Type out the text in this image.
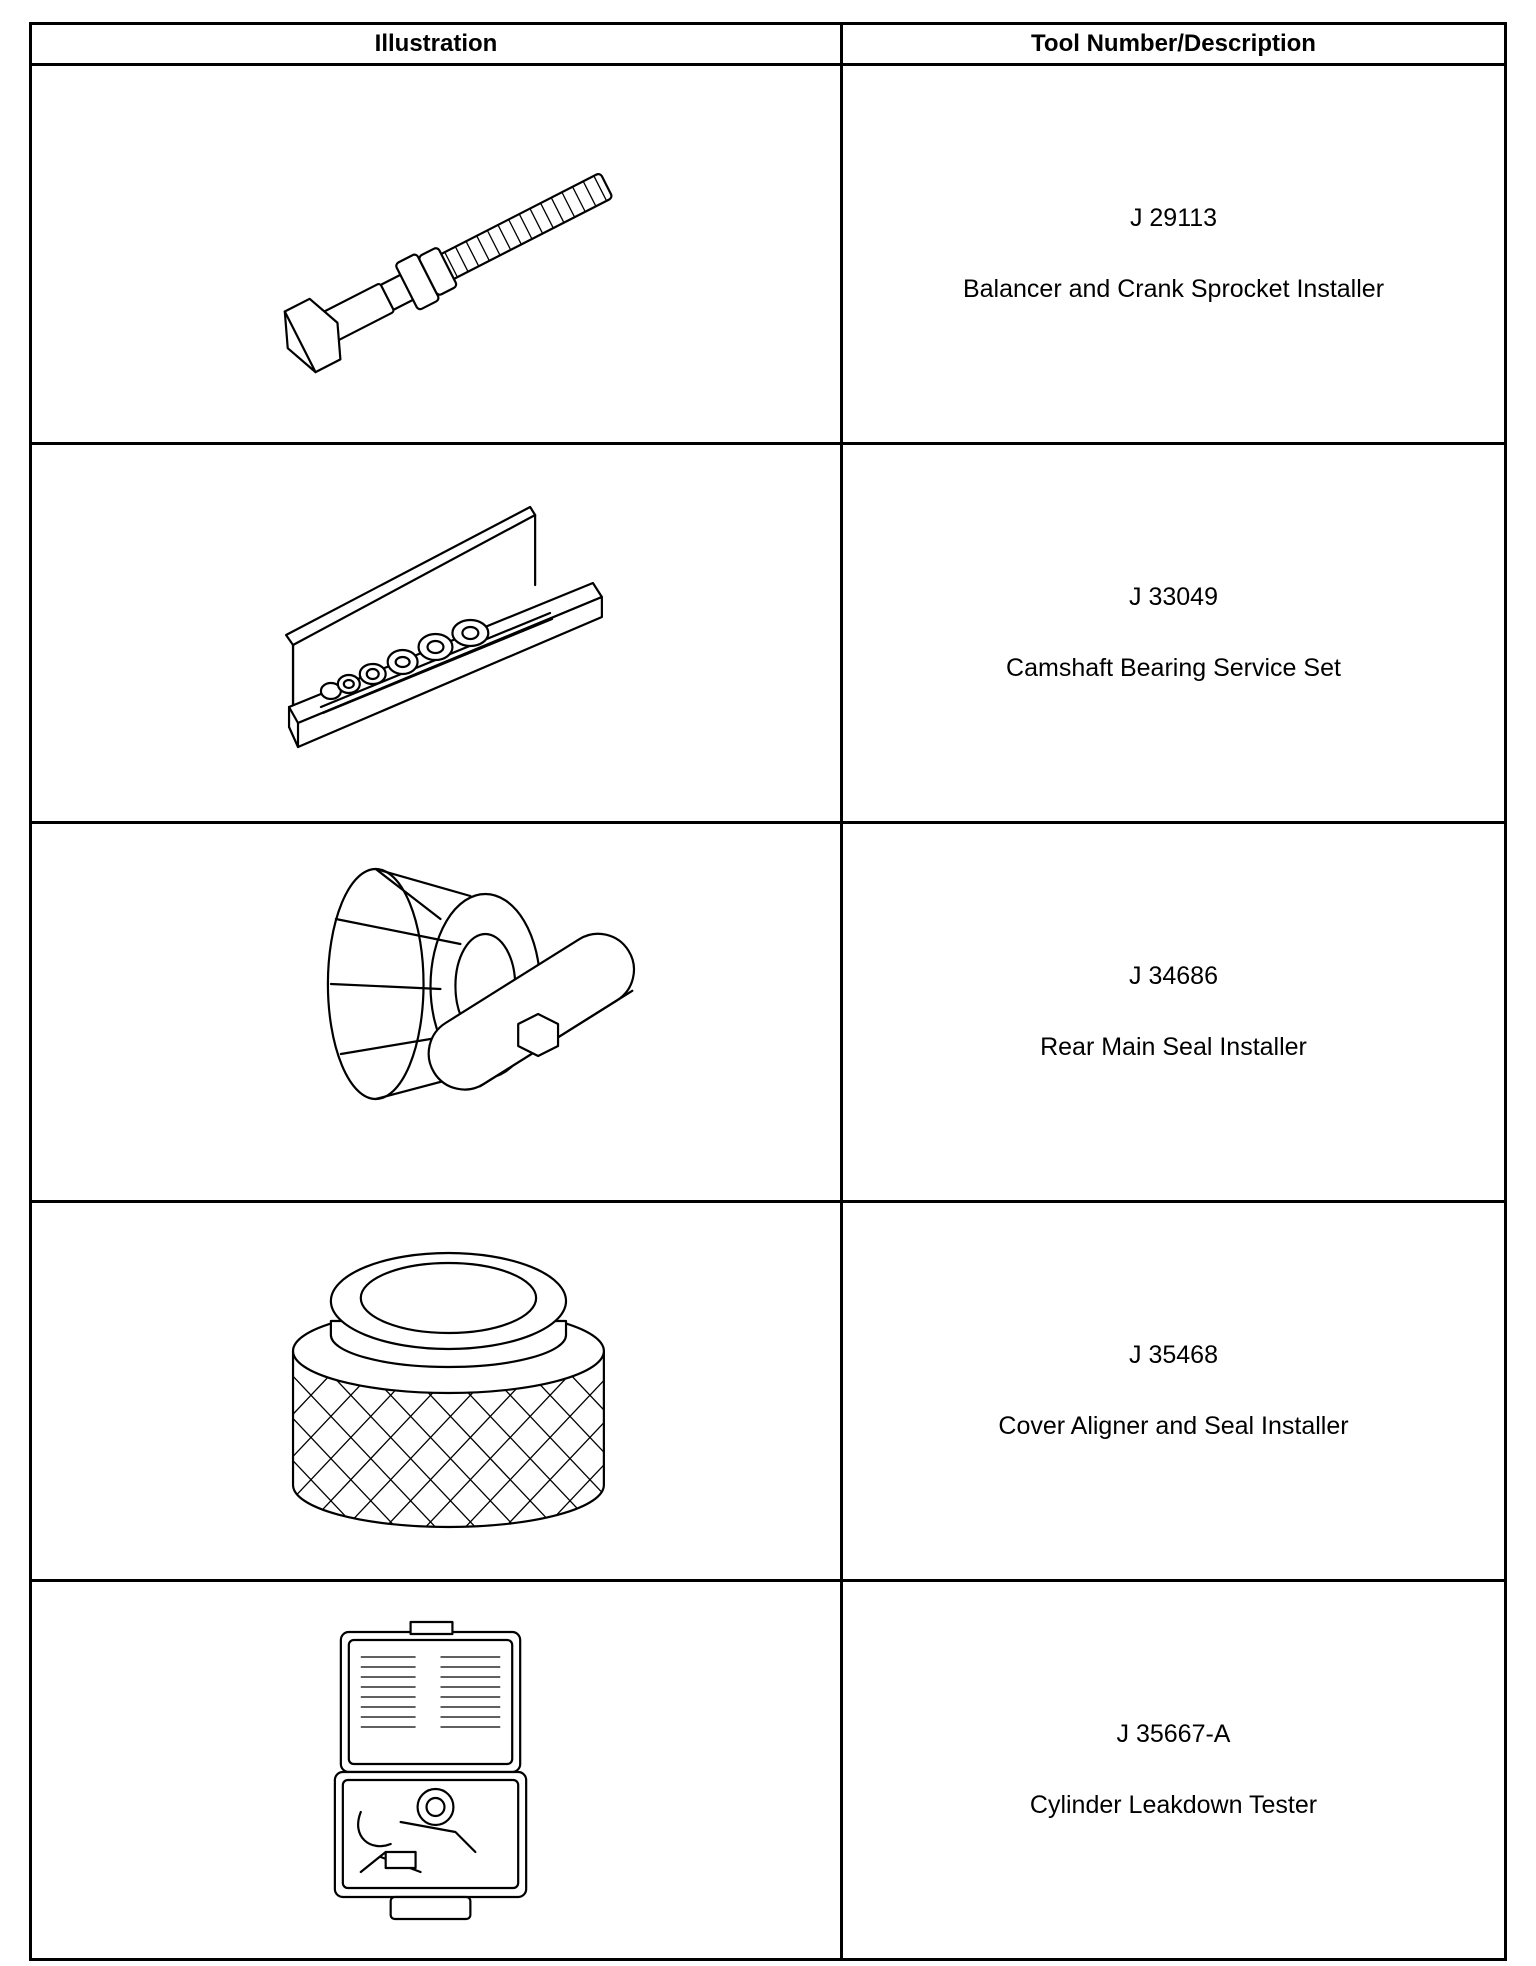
Illustration	Tool Number/Description

J 29113
Balancer and Crank Sprocket Installer

J 33049
Camshaft Bearing Service Set

J 34686
Rear Main Seal Installer

J 35468
Cover Aligner and Seal Installer

J 35667-A
Cylinder Leakdown Tester
